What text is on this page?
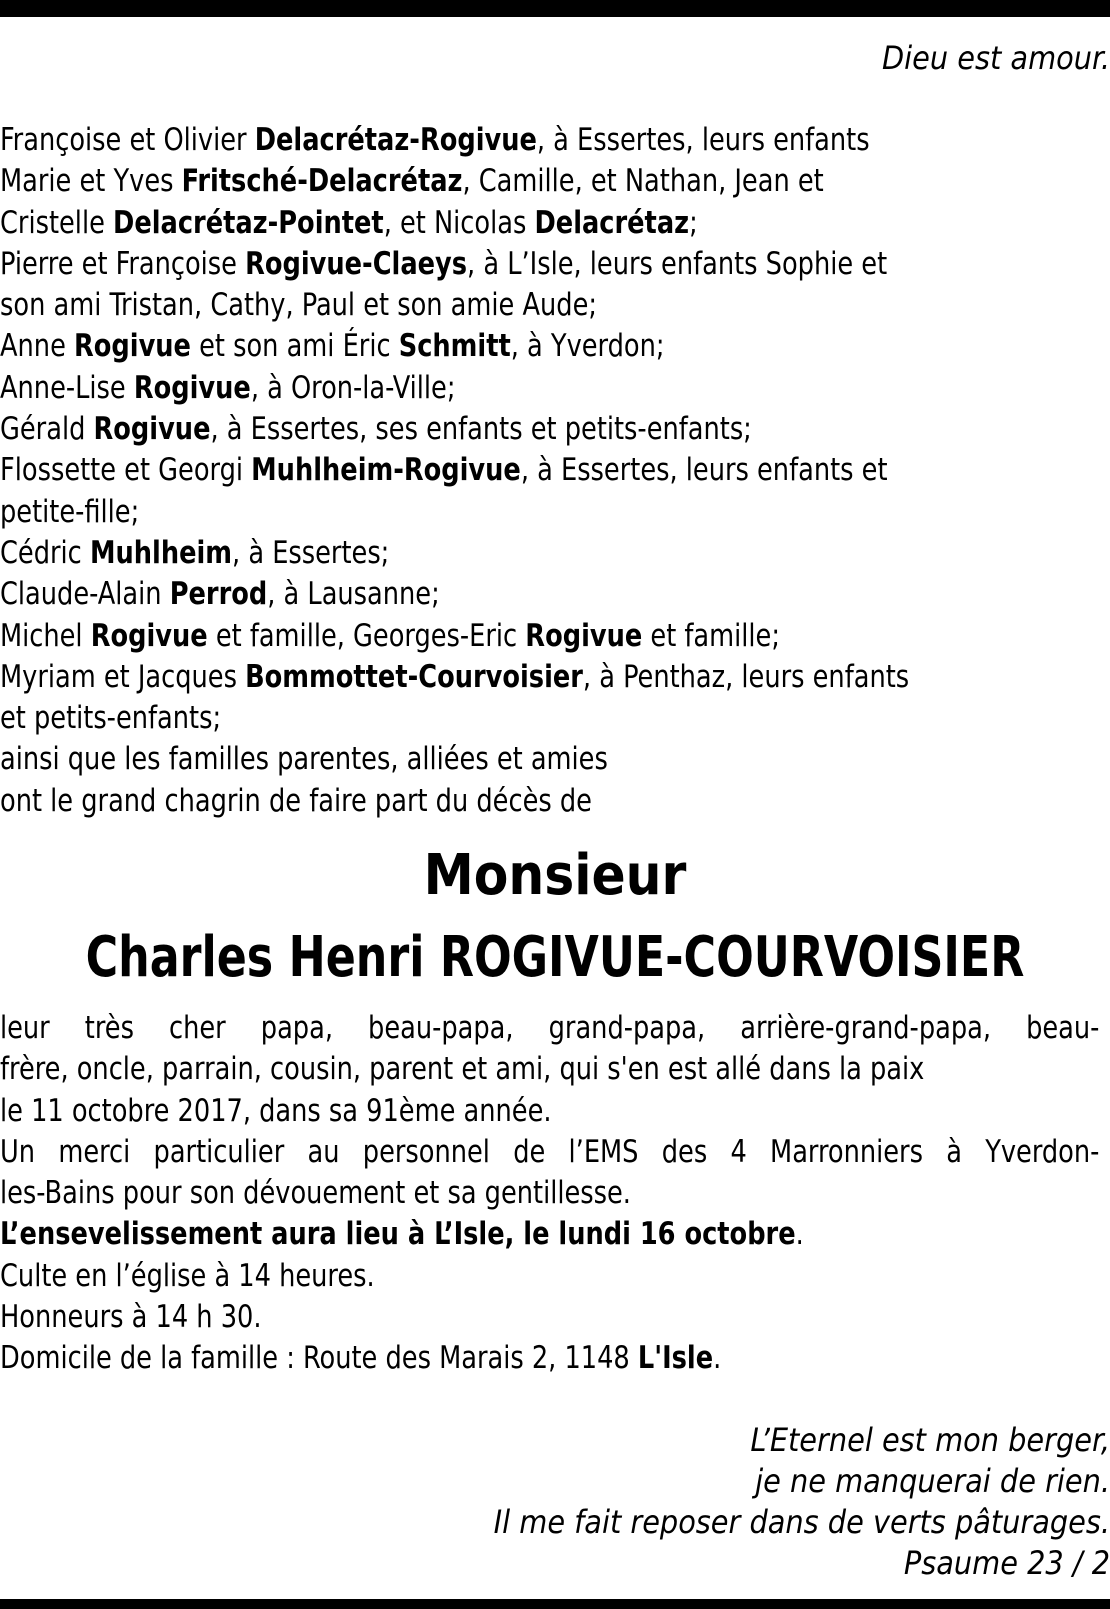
Dieu est amour.
Françoise et Olivier Delacrétaz-Rogivue, à Essertes, leurs enfants
Marie et Yves Fritsché-Delacrétaz, Camille, et Nathan, Jean et
Cristelle Delacrétaz-Pointet, et Nicolas Delacrétaz;
Pierre et Françoise Rogivue-Claeys, à L’Isle, leurs enfants Sophie et
son ami Tristan, Cathy, Paul et son amie Aude;
Anne Rogivue et son ami Éric Schmitt, à Yverdon;
Anne-Lise Rogivue, à Oron-la-Ville;
Gérald Rogivue, à Essertes, ses enfants et petits-enfants;
Flossette et Georgi Muhlheim-Rogivue, à Essertes, leurs enfants et
petite-fille;
Cédric Muhlheim, à Essertes;
Claude-Alain Perrod, à Lausanne;
Michel Rogivue et famille, Georges-Eric Rogivue et famille;
Myriam et Jacques Bommottet-Courvoisier, à Penthaz, leurs enfants
et petits-enfants;
ainsi que les familles parentes, alliées et amies
ont le grand chagrin de faire part du décès de
Monsieur
Charles Henri ROGIVUE-COURVOISIER
leur très cher papa, beau-papa, grand-papa, arrière-grand-papa, beau-
frère, oncle, parrain, cousin, parent et ami, qui s'en est allé dans la paix
le 11 octobre 2017, dans sa 91ème année.
Un merci particulier au personnel de l’EMS des 4 Marronniers à Yverdon-
les-Bains pour son dévouement et sa gentillesse.
L’ensevelissement aura lieu à L’Isle, le lundi 16 octobre.
Culte en l’église à 14 heures.
Honneurs à 14 h 30.
Domicile de la famille : Route des Marais 2, 1148 L'Isle.
L’Eternel est mon berger,
je ne manquerai de rien.
Il me fait reposer dans de verts pâturages.
Psaume 23 / 2
